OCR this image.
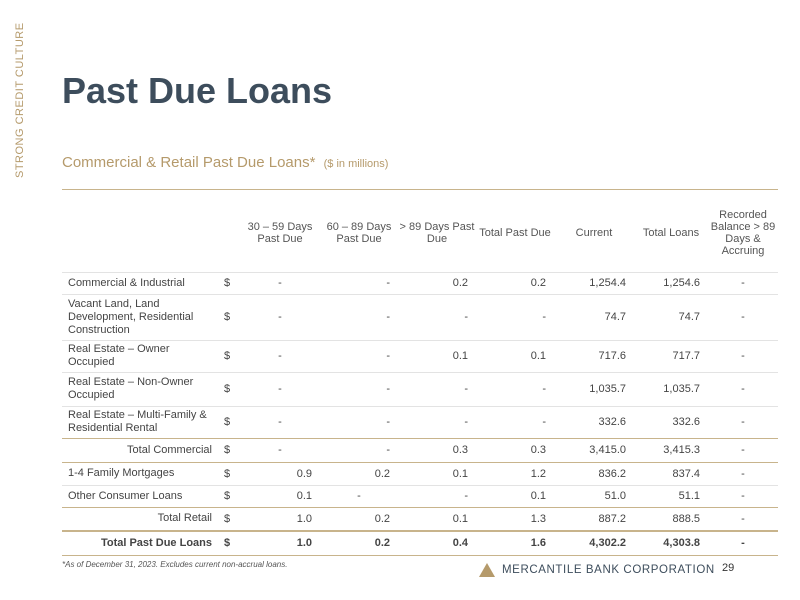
STRONG CREDIT CULTURE Past Due Loans
Commercial & Retail Past Due Loans* ($ in millions)
		30 – 59 Days Past Due	60 – 89 Days Past Due	> 89 Days Past Due	Total Past Due	Current	Total Loans	Recorded Balance > 89 Days & Accruing
Commercial & Industrial	$	-	-	0.2	0.2	1,254.4	1,254.6	-
Vacant Land, Land Development, Residential Construction	$	-	-	-	-	74.7	74.7	-
Real Estate – Owner Occupied	$	-	-	0.1	0.1	717.6	717.7	-
Real Estate – Non-Owner Occupied	$	-	-	-	-	1,035.7	1,035.7	-
Real Estate – Multi-Family & Residential Rental	$	-	-	-	-	332.6	332.6	-
Total Commercial	$	-	-	0.3	0.3	3,415.0	3,415.3	-
1-4 Family Mortgages	$	0.9	0.2	0.1	1.2	836.2	837.4	-
Other Consumer Loans	$	0.1	-	-	0.1	51.0	51.1	-
Total Retail	$	1.0	0.2	0.1	1.3	887.2	888.5	-
Total Past Due Loans	$	1.0	0.2	0.4	1.6	4,302.2	4,303.8	-
*As of December 31, 2023. Excludes current non-accrual loans.	MERCANTILE BANK CORPORATION 29
